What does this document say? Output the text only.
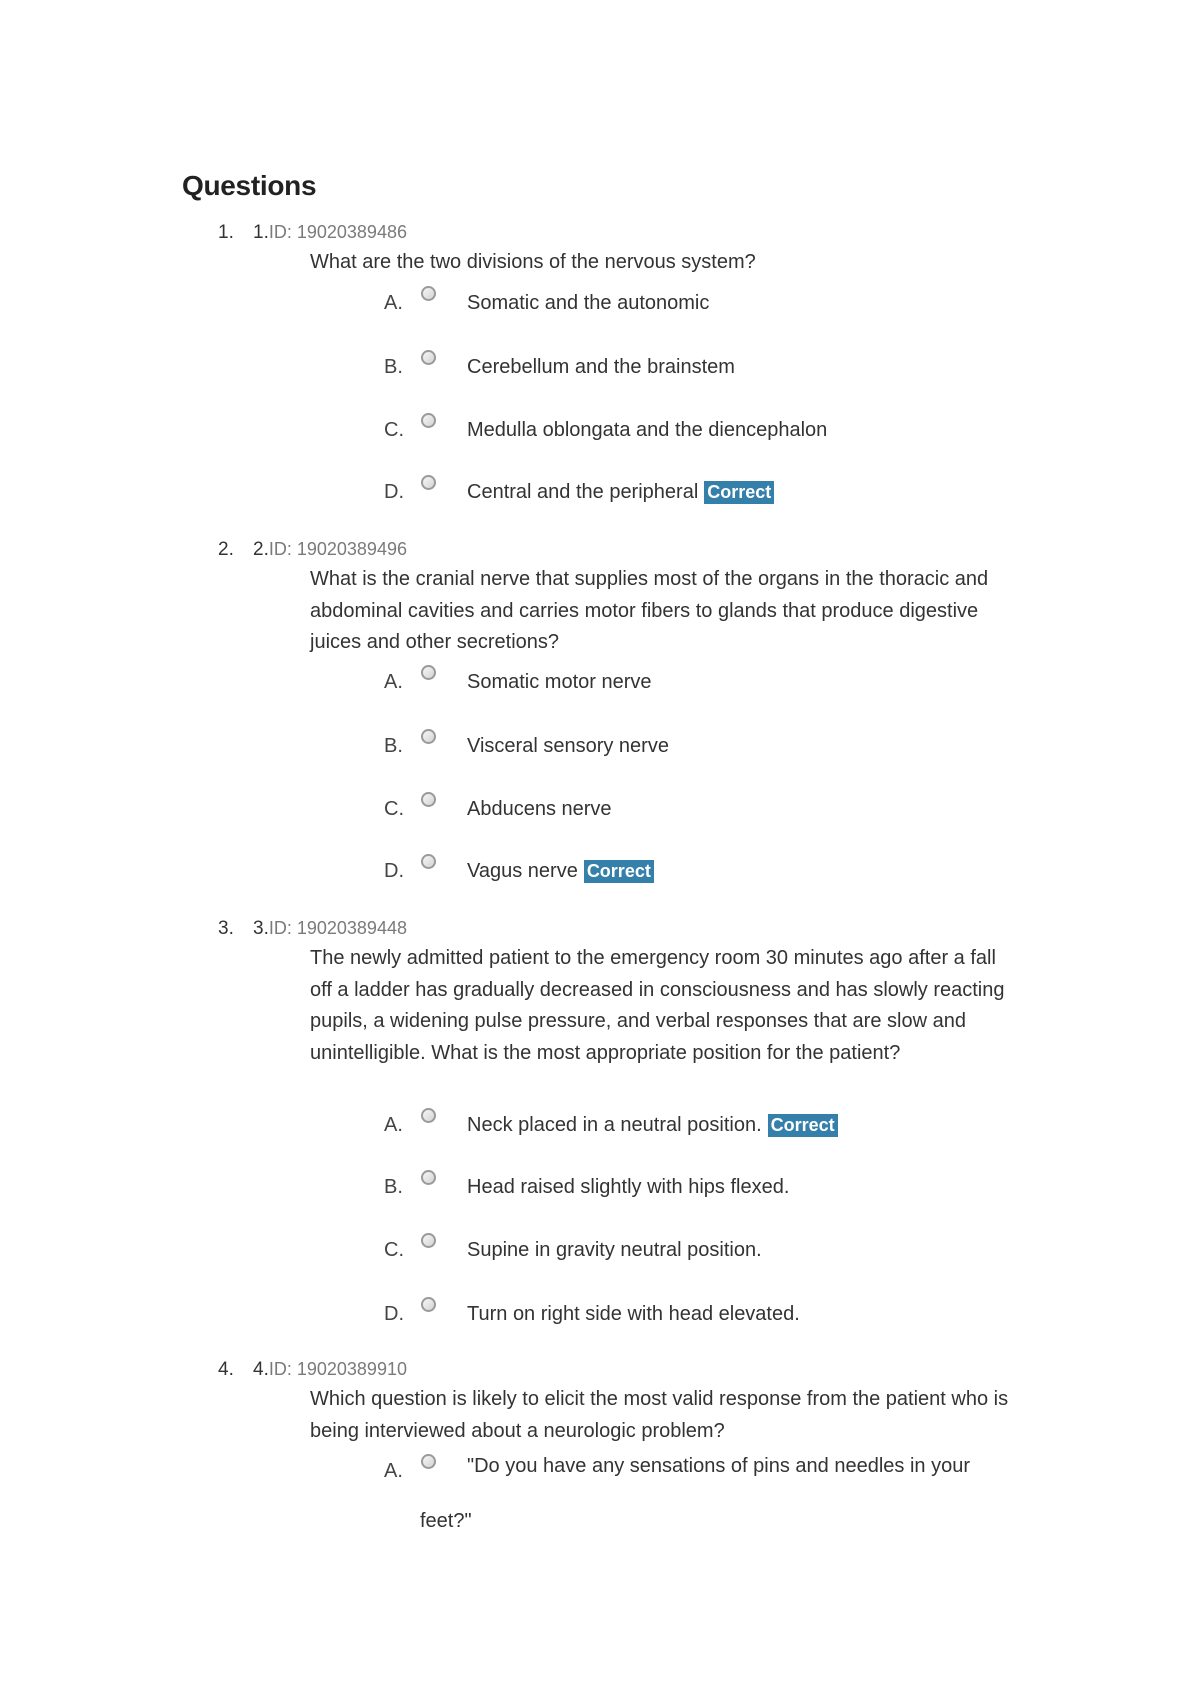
Questions
1. 1.ID: 19020389486
What are the two divisions of the nervous system?
A.	Somatic and the autonomic
B.	Cerebellum and the brainstem
C.	Medulla oblongata and the diencephalon
D.	Central and the peripheral Correct
2. 2.ID: 19020389496
What is the cranial nerve that supplies most of the organs in the thoracic and abdominal cavities and carries motor fibers to glands that produce digestive juices and other secretions?
A.	Somatic motor nerve
B.	Visceral sensory nerve
C.	Abducens nerve
D.	Vagus nerve Correct
3. 3.ID: 19020389448
The newly admitted patient to the emergency room 30 minutes ago after a fall off a ladder has gradually decreased in consciousness and has slowly reacting pupils, a widening pulse pressure, and verbal responses that are slow and unintelligible. What is the most appropriate position for the patient?
A.	Neck placed in a neutral position. Correct
B.	Head raised slightly with hips flexed.
C.	Supine in gravity neutral position.
D.	Turn on right side with head elevated.
4. 4.ID: 19020389910
Which question is likely to elicit the most valid response from the patient who is being interviewed about a neurologic problem?
A.	"Do you have any sensations of pins and needles in your feet?"
